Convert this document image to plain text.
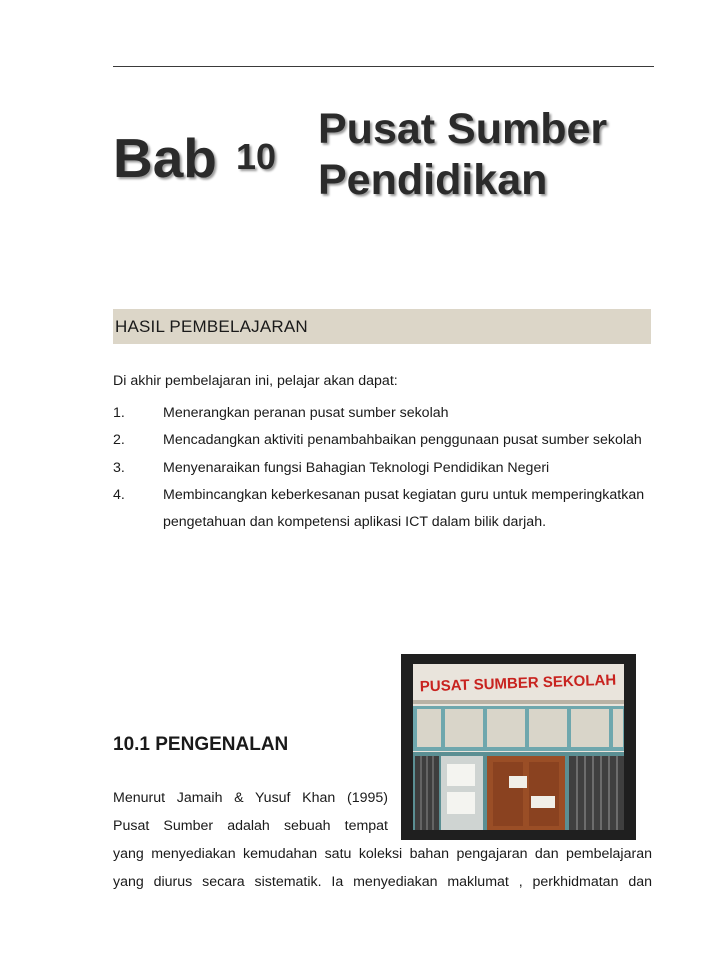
Bab 10
Pusat Sumber
Pendidikan
HASIL PEMBELAJARAN
Di akhir pembelajaran ini, pelajar akan dapat:
1.	Menerangkan peranan pusat sumber sekolah
2.	Mencadangkan aktiviti penambahbaikan penggunaan pusat sumber sekolah
3.	Menyenaraikan fungsi Bahagian Teknologi Pendidikan Negeri
4.	Membincangkan keberkesanan pusat kegiatan guru untuk memperingkatkan pengetahuan dan kompetensi aplikasi ICT dalam bilik darjah.
PUSAT SUMBER SEKOLAH
10.1 PENGENALAN
Menurut Jamaih & Yusuf Khan (1995)
Pusat Sumber adalah sebuah tempat
yang menyediakan kemudahan satu koleksi bahan pengajaran dan pembelajaran
yang diurus secara sistematik. Ia menyediakan maklumat , perkhidmatan dan
